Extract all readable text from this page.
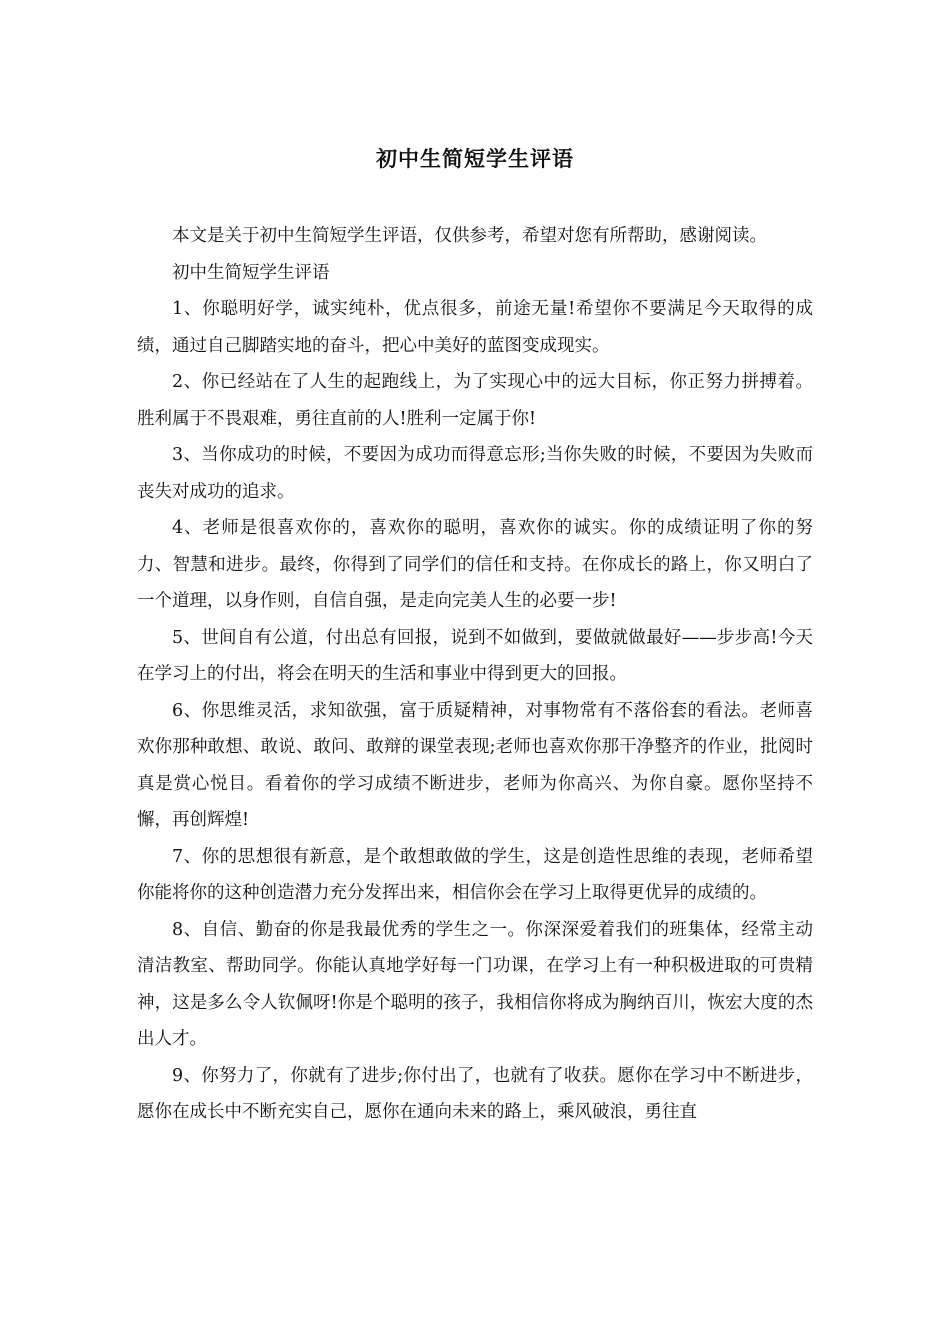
初中生简短学生评语

本文是关于初中生简短学生评语，仅供参考，希望对您有所帮助，感谢阅读。

初中生简短学生评语

1、你聪明好学，诚实纯朴，优点很多，前途无量!希望你不要满足今天取得的成绩，通过自己脚踏实地的奋斗，把心中美好的蓝图变成现实。

2、你已经站在了人生的起跑线上，为了实现心中的远大目标，你正努力拼搏着。胜利属于不畏艰难，勇往直前的人!胜利一定属于你!

3、当你成功的时候，不要因为成功而得意忘形;当你失败的时候，不要因为失败而丧失对成功的追求。

4、老师是很喜欢你的，喜欢你的聪明，喜欢你的诚实。你的成绩证明了你的努力、智慧和进步。最终，你得到了同学们的信任和支持。在你成长的路上，你又明白了一个道理，以身作则，自信自强，是走向完美人生的必要一步!

5、世间自有公道，付出总有回报，说到不如做到，要做就做最好——步步高!今天在学习上的付出，将会在明天的生活和事业中得到更大的回报。

6、你思维灵活，求知欲强，富于质疑精神，对事物常有不落俗套的看法。老师喜欢你那种敢想、敢说、敢问、敢辩的课堂表现;老师也喜欢你那干净整齐的作业，批阅时真是赏心悦目。看着你的学习成绩不断进步，老师为你高兴、为你自豪。愿你坚持不懈，再创辉煌!

7、你的思想很有新意，是个敢想敢做的学生，这是创造性思维的表现，老师希望你能将你的这种创造潜力充分发挥出来，相信你会在学习上取得更优异的成绩的。

8、自信、勤奋的你是我最优秀的学生之一。你深深爱着我们的班集体，经常主动清洁教室、帮助同学。你能认真地学好每一门功课，在学习上有一种积极进取的可贵精神，这是多么令人钦佩呀!你是个聪明的孩子，我相信你将成为胸纳百川，恢宏大度的杰出人才。

9、你努力了，你就有了进步;你付出了，也就有了收获。愿你在学习中不断进步，愿你在成长中不断充实自己，愿你在通向未来的路上，乘风破浪，勇往直
